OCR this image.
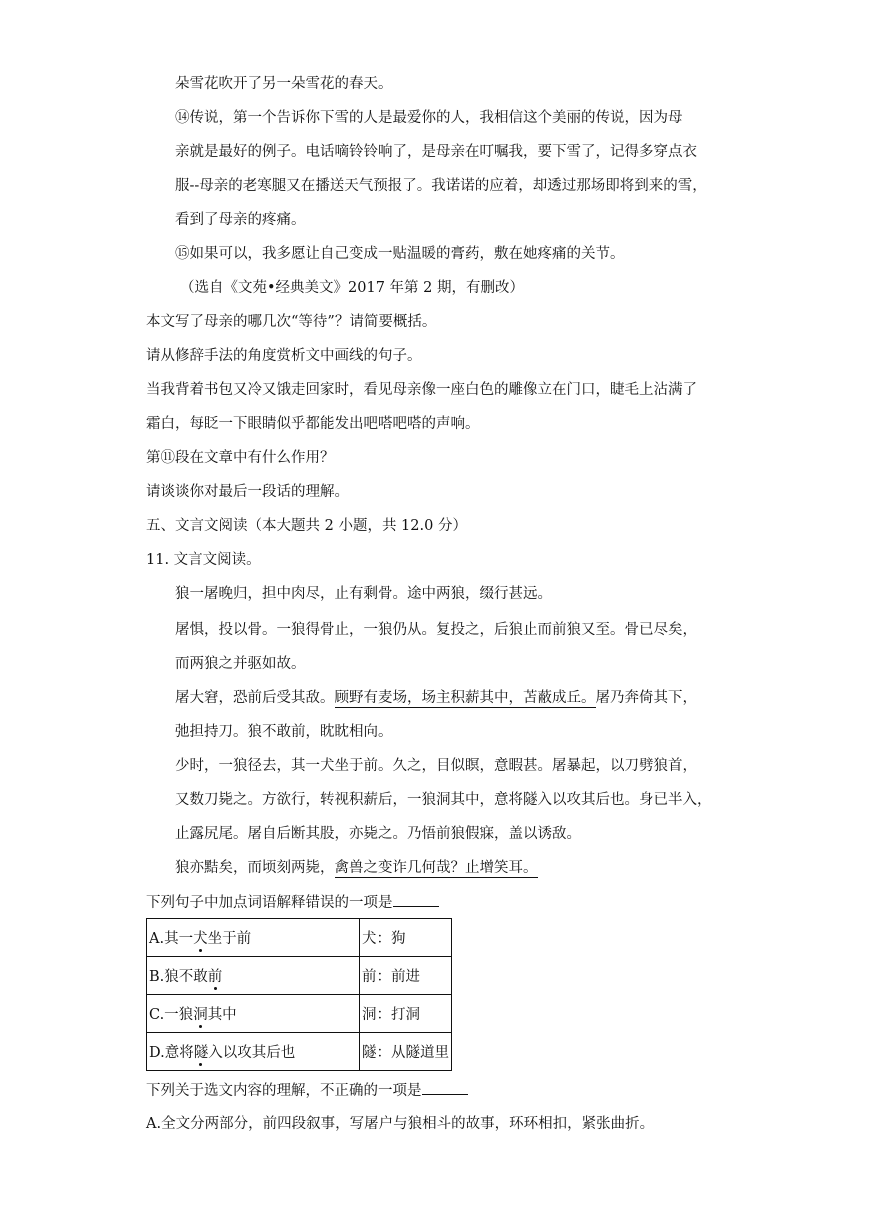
朵雪花吹开了另一朵雪花的春天。
⑭传说，第一个告诉你下雪的人是最爱你的人，我相信这个美丽的传说，因为母
亲就是最好的例子。电话嘀铃铃响了，是母亲在叮嘱我，要下雪了，记得多穿点衣
服--母亲的老寒腿又在播送天气预报了。我诺诺的应着，却透过那场即将到来的雪，
看到了母亲的疼痛。
⑮如果可以，我多愿让自己变成一贴温暖的膏药，敷在她疼痛的关节。
（选自《文苑•经典美文》2017 年第 2 期，有删改）
本文写了母亲的哪几次“等待”？请简要概括。
请从修辞手法的角度赏析文中画线的句子。
当我背着书包又冷又饿走回家时，看见母亲像一座白色的雕像立在门口，睫毛上沾满了
霜白，每眨一下眼睛似乎都能发出吧嗒吧嗒的声响。
第⑪段在文章中有什么作用？
请谈谈你对最后一段话的理解。
五、文言文阅读（本大题共 2 小题，共 12.0 分）
11. 文言文阅读。
狼一屠晚归，担中肉尽，止有剩骨。途中两狼，缀行甚远。
屠惧，投以骨。一狼得骨止，一狼仍从。复投之，后狼止而前狼又至。骨已尽矣，
而两狼之并驱如故。
屠大窘，恐前后受其敌。顾野有麦场，场主积薪其中，苫蔽成丘。屠乃奔倚其下，
弛担持刀。狼不敢前，眈眈相向。
少时，一狼径去，其一犬坐于前。久之，目似瞑，意暇甚。屠暴起，以刀劈狼首，
又数刀毙之。方欲行，转视积薪后，一狼洞其中，意将隧入以攻其后也。身已半入，
止露尻尾。屠自后断其股，亦毙之。乃悟前狼假寐，盖以诱敌。
狼亦黠矣，而顷刻两毙，禽兽之变诈几何哉？止增笑耳。
下列句子中加点词语解释错误的一项是
A.其一犬坐于前	犬：狗
B.狼不敢前	前：前进
C.一狼洞其中	洞：打洞
D.意将隧入以攻其后也	隧：从隧道里
下列关于选文内容的理解，不正确的一项是
A.全文分两部分，前四段叙事，写屠户与狼相斗的故事，环环相扣，紧张曲折。
